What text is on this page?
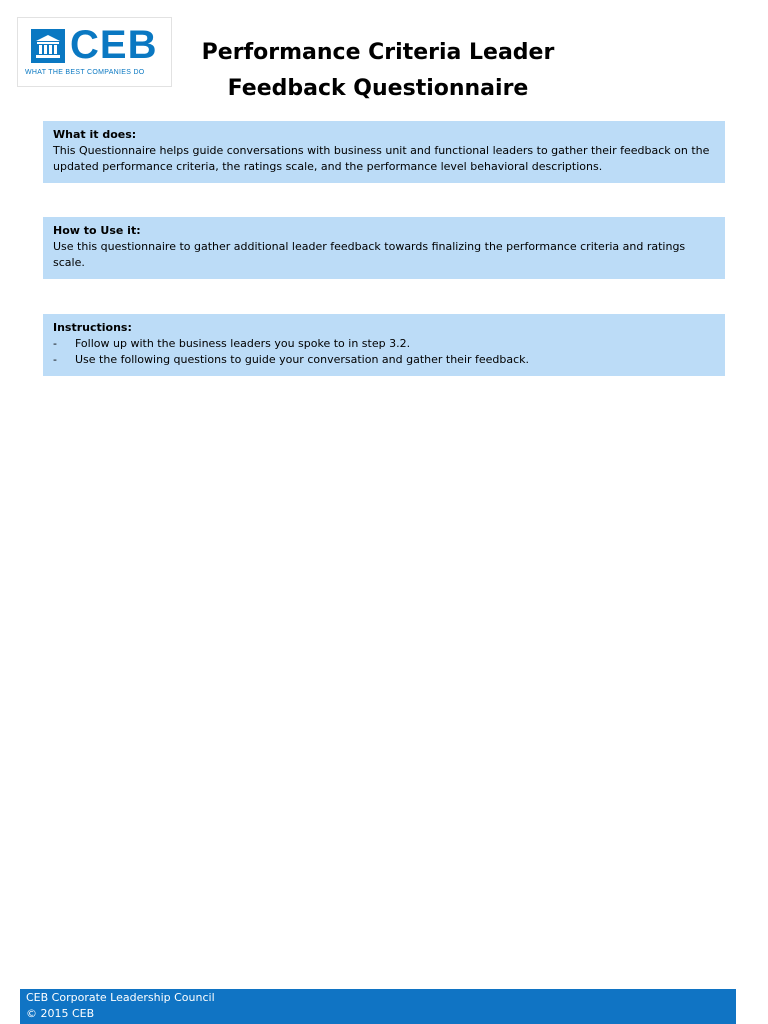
CEB
WHAT THE BEST COMPANIES DO
Performance Criteria Leader
Feedback Questionnaire
What it does:
This Questionnaire helps guide conversations with business unit and functional leaders to gather their feedback on the updated performance criteria, the ratings scale, and the performance level behavioral descriptions.
How to Use it:
Use this questionnaire to gather additional leader feedback towards finalizing the performance criteria and ratings scale.
Instructions:
-	Follow up with the business leaders you spoke to in step 3.2.
-	Use the following questions to guide your conversation and gather their feedback.
CEB Corporate Leadership Council
© 2015 CEB
